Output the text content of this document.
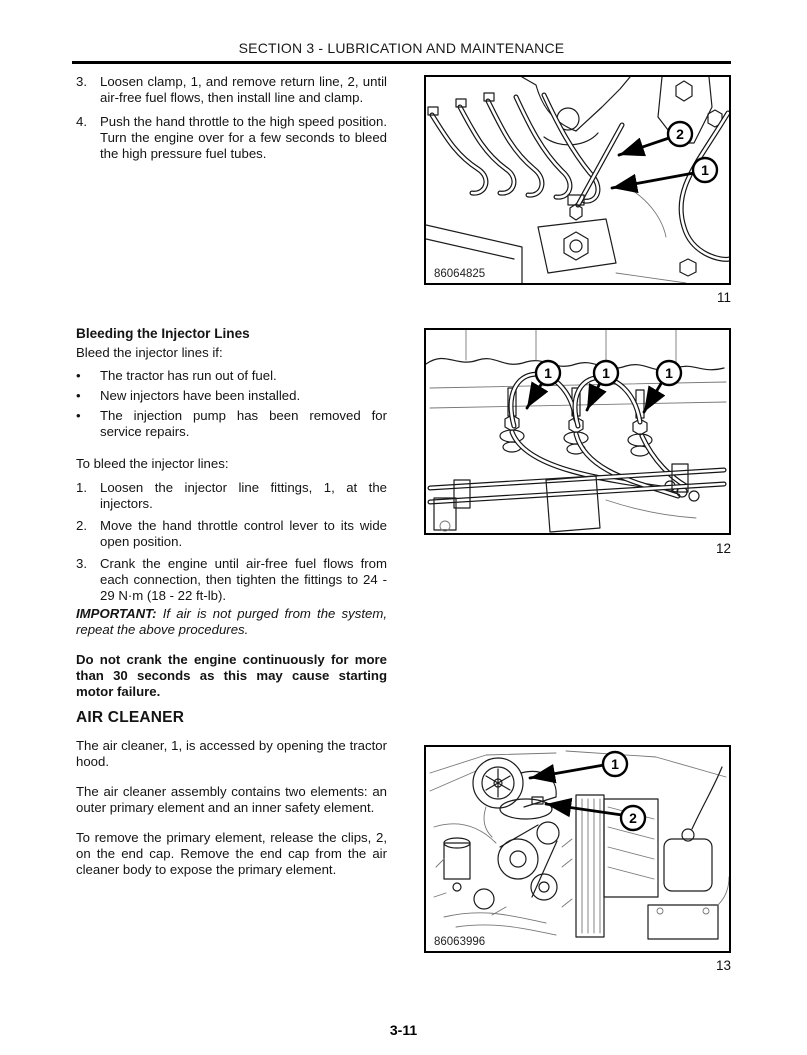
SECTION 3 - LUBRICATION AND MAINTENANCE
3. Loosen clamp, 1, and remove return line, 2, until air-free fuel flows, then install line and clamp.
4. Push the hand throttle to the high speed position. Turn the engine over for a few seconds to bleed the high pressure fuel tubes.
Bleeding the Injector Lines
Bleed the injector lines if:
•	The tractor has run out of fuel.
•	New injectors have been installed.
•	The injection pump has been removed for service repairs.
To bleed the injector lines:
1. Loosen the injector line fittings, 1, at the injectors.
2. Move the hand throttle control lever to its wide open position.
3. Crank the engine until air-free fuel flows from each connection, then tighten the fittings to 24 - 29 N·m (18 - 22 ft-lb).
IMPORTANT: If air is not purged from the system, repeat the above procedures.
Do not crank the engine continuously for more than 30 seconds as this may cause starting motor failure.
AIR CLEANER

The air cleaner, 1, is accessed by opening the tractor hood.

The air cleaner assembly contains two elements: an outer primary element and an inner safety element.

To remove the primary element, release the clips, 2, on the end cap. Remove the end cap from the air cleaner body to expose the primary element.

2
1
86064825
11
1	1	1
12
1
2
86063996
13
3-11
